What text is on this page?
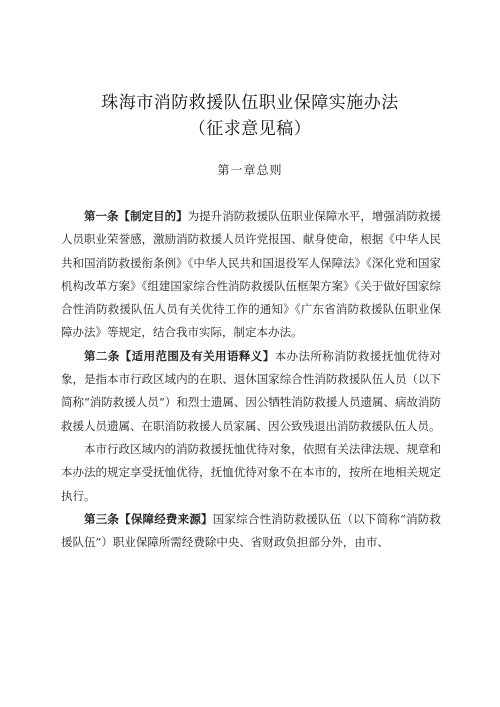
珠海市消防救援队伍职业保障实施办法
（征求意见稿）
第一章总则

第一条【制定目的】为提升消防救援队伍职业保障水平，增强消防救援人员职业荣誉感，激励消防救援人员许党报国、献身使命，根据《中华人民共和国消防救援衔条例》《中华人民共和国退役军人保障法》《深化党和国家机构改革方案》《组建国家综合性消防救援队伍框架方案》《关于做好国家综合性消防救援队伍人员有关优待工作的通知》《广东省消防救援队伍职业保障办法》等规定，结合我市实际，制定本办法。

第二条【适用范围及有关用语释义】本办法所称消防救援抚恤优待对象，是指本市行政区域内的在职、退休国家综合性消防救援队伍人员（以下简称“消防救援人员”）和烈士遗属、因公牺牲消防救援人员遗属、病故消防救援人员遗属、在职消防救援人员家属、因公致残退出消防救援队伍人员。

本市行政区域内的消防救援抚恤优待对象，依照有关法律法规、规章和本办法的规定享受抚恤优待，抚恤优待对象不在本市的，按所在地相关规定执行。

第三条【保障经费来源】国家综合性消防救援队伍（以下简称“消防救援队伍”）职业保障所需经费除中央、省财政负担部分外，由市、
